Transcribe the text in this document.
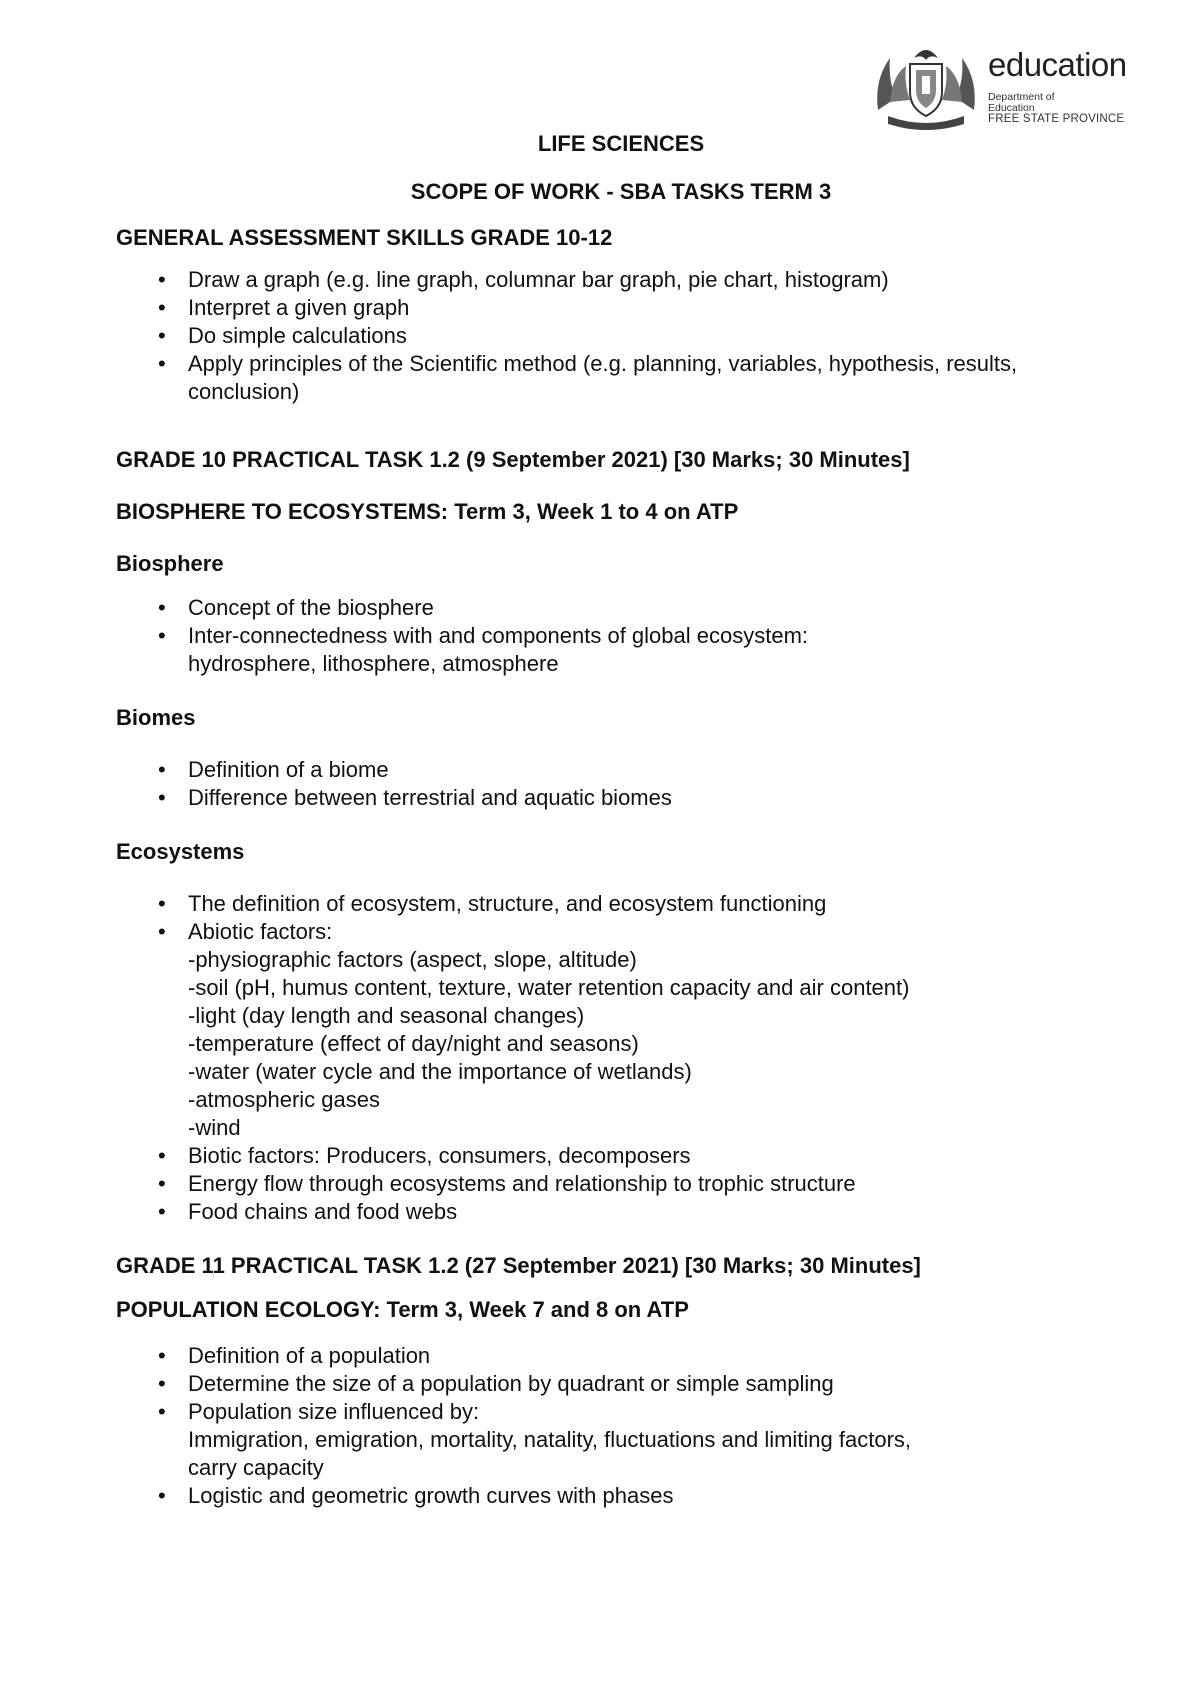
education
Department of
Education
FREE STATE PROVINCE

LIFE SCIENCES

SCOPE OF WORK - SBA TASKS TERM 3

GENERAL ASSESSMENT SKILLS GRADE 10-12

• Draw a graph (e.g. line graph, columnar bar graph, pie chart, histogram)
• Interpret a given graph
• Do simple calculations
• Apply principles of the Scientific method (e.g. planning, variables, hypothesis, results,
conclusion)

GRADE 10 PRACTICAL TASK 1.2 (9 September 2021) [30 Marks; 30 Minutes]

BIOSPHERE TO ECOSYSTEMS: Term 3, Week 1 to 4 on ATP

Biosphere

• Concept of the biosphere
• Inter-connectedness with and components of global ecosystem:
hydrosphere, lithosphere, atmosphere

Biomes

• Definition of a biome
• Difference between terrestrial and aquatic biomes

Ecosystems

• The definition of ecosystem, structure, and ecosystem functioning
• Abiotic factors:
-physiographic factors (aspect, slope, altitude)
-soil (pH, humus content, texture, water retention capacity and air content)
-light (day length and seasonal changes)
-temperature (effect of day/night and seasons)
-water (water cycle and the importance of wetlands)
-atmospheric gases
-wind
• Biotic factors: Producers, consumers, decomposers
• Energy flow through ecosystems and relationship to trophic structure
• Food chains and food webs

GRADE 11 PRACTICAL TASK 1.2 (27 September 2021) [30 Marks; 30 Minutes]

POPULATION ECOLOGY: Term 3, Week 7 and 8 on ATP

• Definition of a population
• Determine the size of a population by quadrant or simple sampling
• Population size influenced by:
Immigration, emigration, mortality, natality, fluctuations and limiting factors,
carry capacity
• Logistic and geometric growth curves with phases
